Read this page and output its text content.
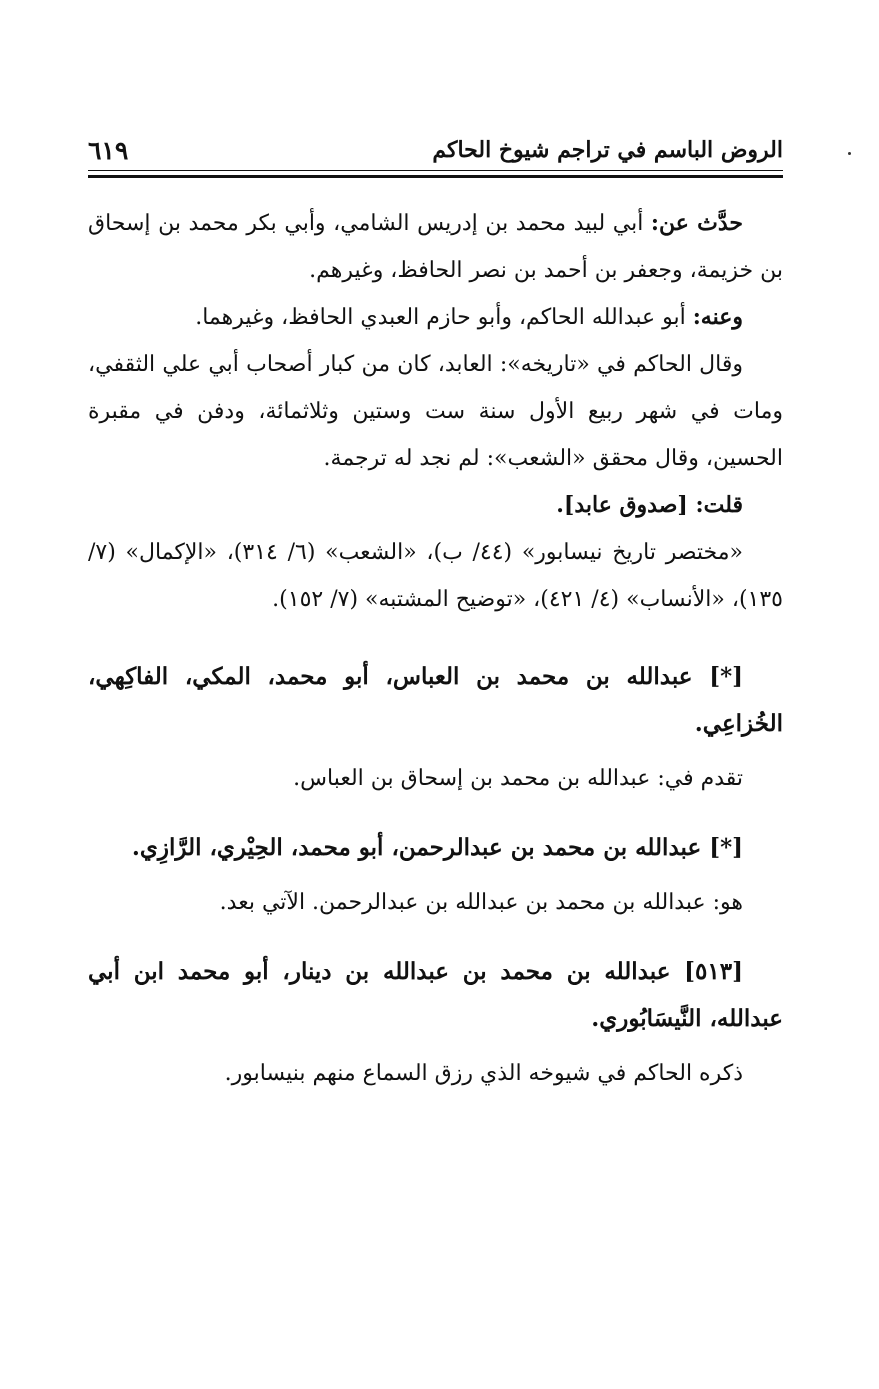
الروض الباسم في تراجم شيوخ الحاكم
٦١٩

حدَّث عن: أبي لبيد محمد بن إدريس الشامي، وأبي بكر محمد بن إسحاق بن خزيمة، وجعفر بن أحمد بن نصر الحافظ، وغيرهم.

وعنه: أبو عبدالله الحاكم، وأبو حازم العبدي الحافظ، وغيرهما.

وقال الحاكم في «تاريخه»: العابد، كان من كبار أصحاب أبي علي الثقفي، ومات في شهر ربيع الأول سنة ست وستين وثلاثمائة، ودفن في مقبرة الحسين، وقال محقق «الشعب»: لم نجد له ترجمة.

قلت: [صدوق عابد].

«مختصر تاريخ نيسابور» (٤٤/ ب)، «الشعب» (٦/ ٣١٤)، «الإكمال» (٧/ ١٣٥)، «الأنساب» (٤/ ٤٢١)، «توضيح المشتبه» (٧/ ١٥٢).

[*] عبدالله بن محمد بن العباس، أبو محمد، المكي، الفاكِهي، الخُزاعِي.

تقدم في: عبدالله بن محمد بن إسحاق بن العباس.

[*] عبدالله بن محمد بن عبدالرحمن، أبو محمد، الحِيْري، الرَّازِي.

هو: عبدالله بن محمد بن عبدالله بن عبدالرحمن. الآتي بعد.

[٥١٣] عبدالله بن محمد بن عبدالله بن دينار، أبو محمد ابن أبي عبدالله، النَّيسَابُوري.

ذكره الحاكم في شيوخه الذي رزق السماع منهم بنيسابور.
